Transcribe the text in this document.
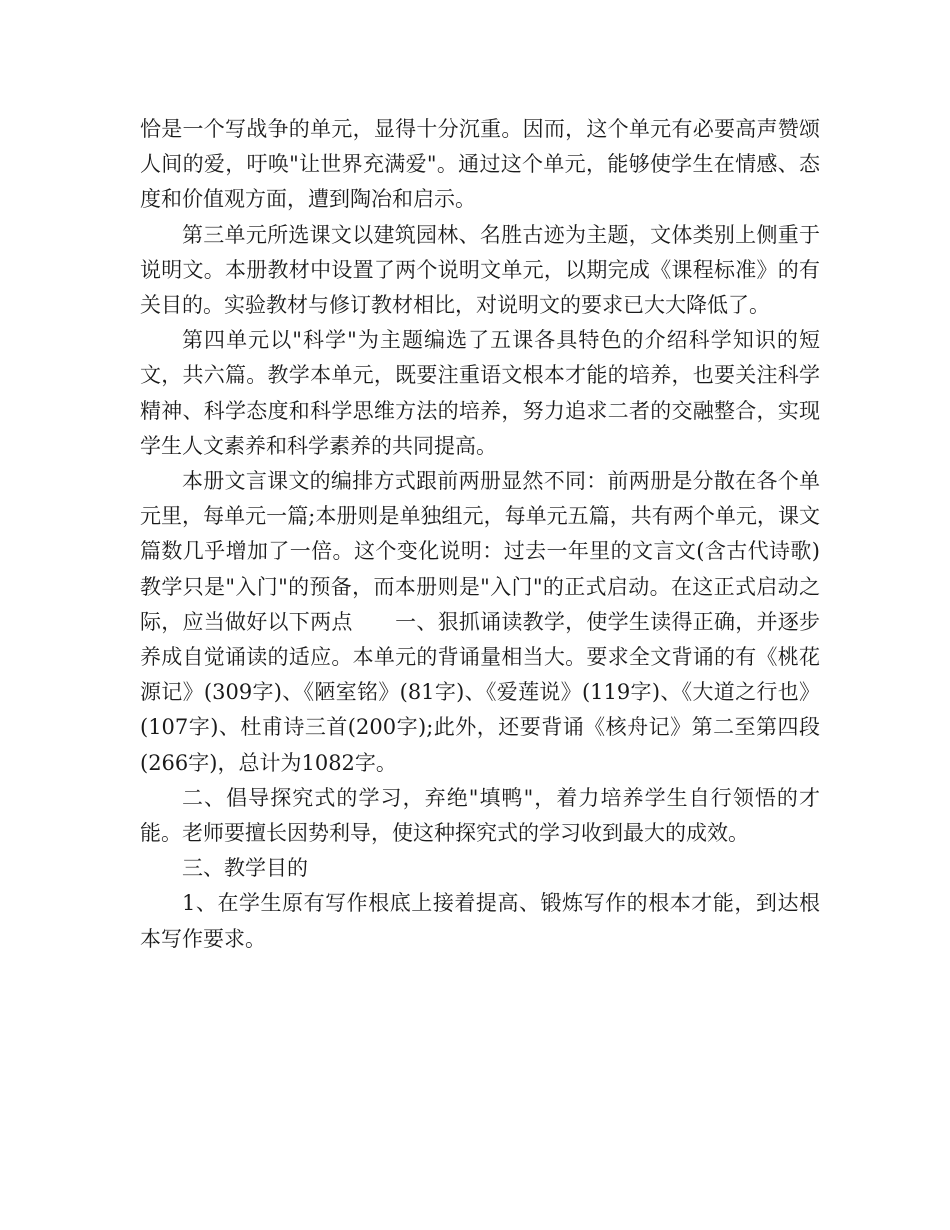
恰是一个写战争的单元，显得十分沉重。因而，这个单元有必要高声赞颂人间的爱，吁唤"让世界充满爱"。通过这个单元，能够使学生在情感、态度和价值观方面，遭到陶冶和启示。

第三单元所选课文以建筑园林、名胜古迹为主题，文体类别上侧重于说明文。本册教材中设置了两个说明文单元，以期完成《课程标准》的有关目的。实验教材与修订教材相比，对说明文的要求已大大降低了。

第四单元以"科学"为主题编选了五课各具特色的介绍科学知识的短文，共六篇。教学本单元，既要注重语文根本才能的培养，也要关注科学精神、科学态度和科学思维方法的培养，努力追求二者的交融整合，实现学生人文素养和科学素养的共同提高。

本册文言课文的编排方式跟前两册显然不同：前两册是分散在各个单元里，每单元一篇;本册则是单独组元，每单元五篇，共有两个单元，课文篇数几乎增加了一倍。这个变化说明：过去一年里的文言文(含古代诗歌)教学只是"入门"的预备，而本册则是"入门"的正式启动。在这正式启动之际，应当做好以下两点　　一、狠抓诵读教学，使学生读得正确，并逐步养成自觉诵读的适应。本单元的背诵量相当大。要求全文背诵的有《桃花源记》(309字)、《陋室铭》(81字)、《爱莲说》(119字)、《大道之行也》(107字)、杜甫诗三首(200字);此外，还要背诵《核舟记》第二至第四段(266字)，总计为1082字。

二、倡导探究式的学习，弃绝"填鸭"，着力培养学生自行领悟的才能。老师要擅长因势利导，使这种探究式的学习收到最大的成效。

三、教学目的

1、在学生原有写作根底上接着提高、锻炼写作的根本才能，到达根本写作要求。
